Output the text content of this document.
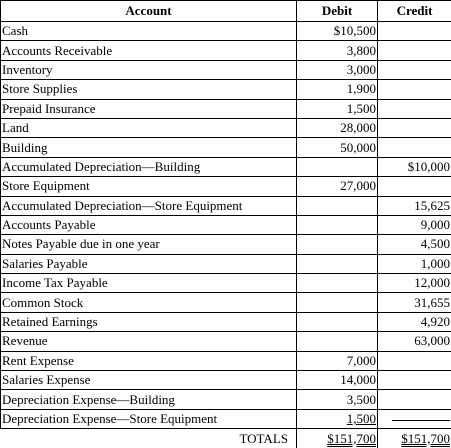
Account	Debit	Credit
Cash	$10,500	
Accounts Receivable	3,800	
Inventory	3,000	
Store Supplies	1,900	
Prepaid Insurance	1,500	
Land	28,000	
Building	50,000	
Accumulated Depreciation—Building		$10,000
Store Equipment	27,000	
Accumulated Depreciation—Store Equipment		15,625
Accounts Payable		9,000
Notes Payable due in one year		4,500
Salaries Payable		1,000
Income Tax Payable		12,000
Common Stock		31,655
Retained Earnings		4,920
Revenue		63,000
Rent Expense	7,000	
Salaries Expense	14,000	
Depreciation Expense—Building	3,500	
Depreciation Expense—Store Equipment	1,500	
TOTALS	$151,700	$151,700
